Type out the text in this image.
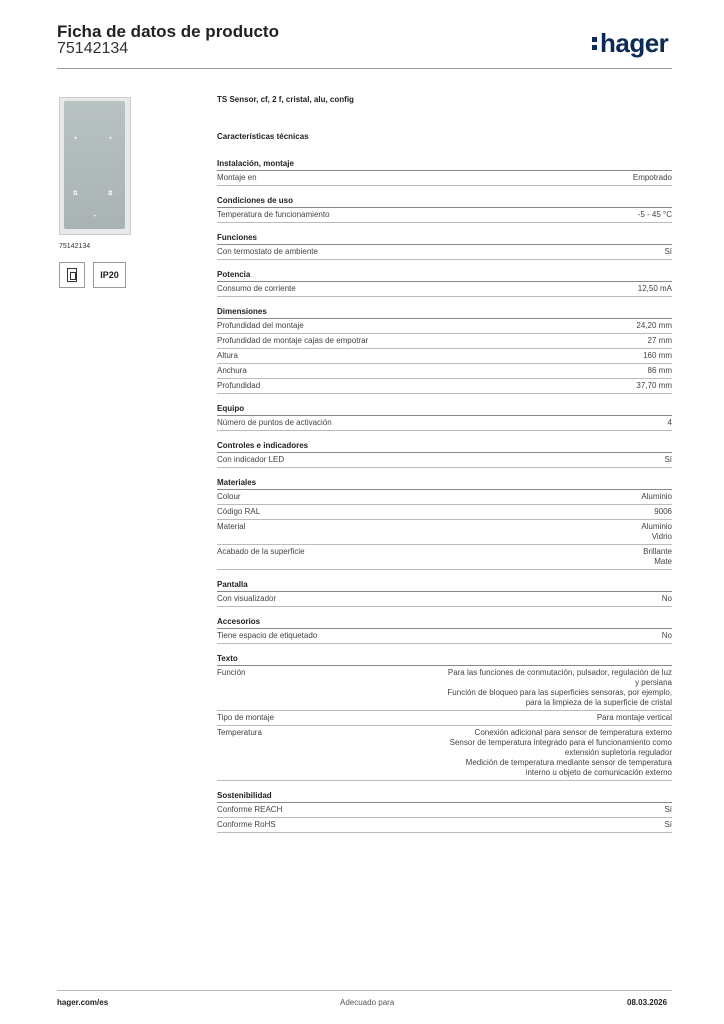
Ficha de datos de producto
75142134	hager
✦	✦
◘	◘
•
75142134
IP20
TS Sensor, cf, 2 f, cristal, alu, config
Características técnicas
Instalación, montaje
Montaje en	Empotrado
Condiciones de uso
Temperatura de funcionamiento	-5 - 45 °C
Funciones
Con termostato de ambiente	Sí
Potencia
Consumo de corriente	12,50 mA
Dimensiones
Profundidad del montaje	24,20 mm
Profundidad de montaje cajas de empotrar	27 mm
Altura	160 mm
Anchura	86 mm
Profundidad	37,70 mm
Equipo
Número de puntos de activación	4
Controles e indicadores
Con indicador LED	Sí
Materiales
Colour	Aluminio
Código RAL	9006
Material	Aluminio
Vidrio
Acabado de la superficie	Brillante
Mate
Pantalla
Con visualizador	No
Accesorios
Tiene espacio de etiquetado	No
Texto
Función	Para las funciones de conmutación, pulsador, regulación de luz
y persiana
Función de bloqueo para las superficies sensoras, por ejemplo,
para la limpieza de la superficie de cristal
Tipo de montaje	Para montaje vertical
Temperatura	Conexión adicional para sensor de temperatura externo
Sensor de temperatura integrado para el funcionamiento como
extensión supletoria regulador
Medición de temperatura mediante sensor de temperatura
interno u objeto de comunicación externo
Sostenibilidad
Conforme REACH	Sí
Conforme RoHS	Sí
hager.com/es	Adecuado para	08.03.2026
